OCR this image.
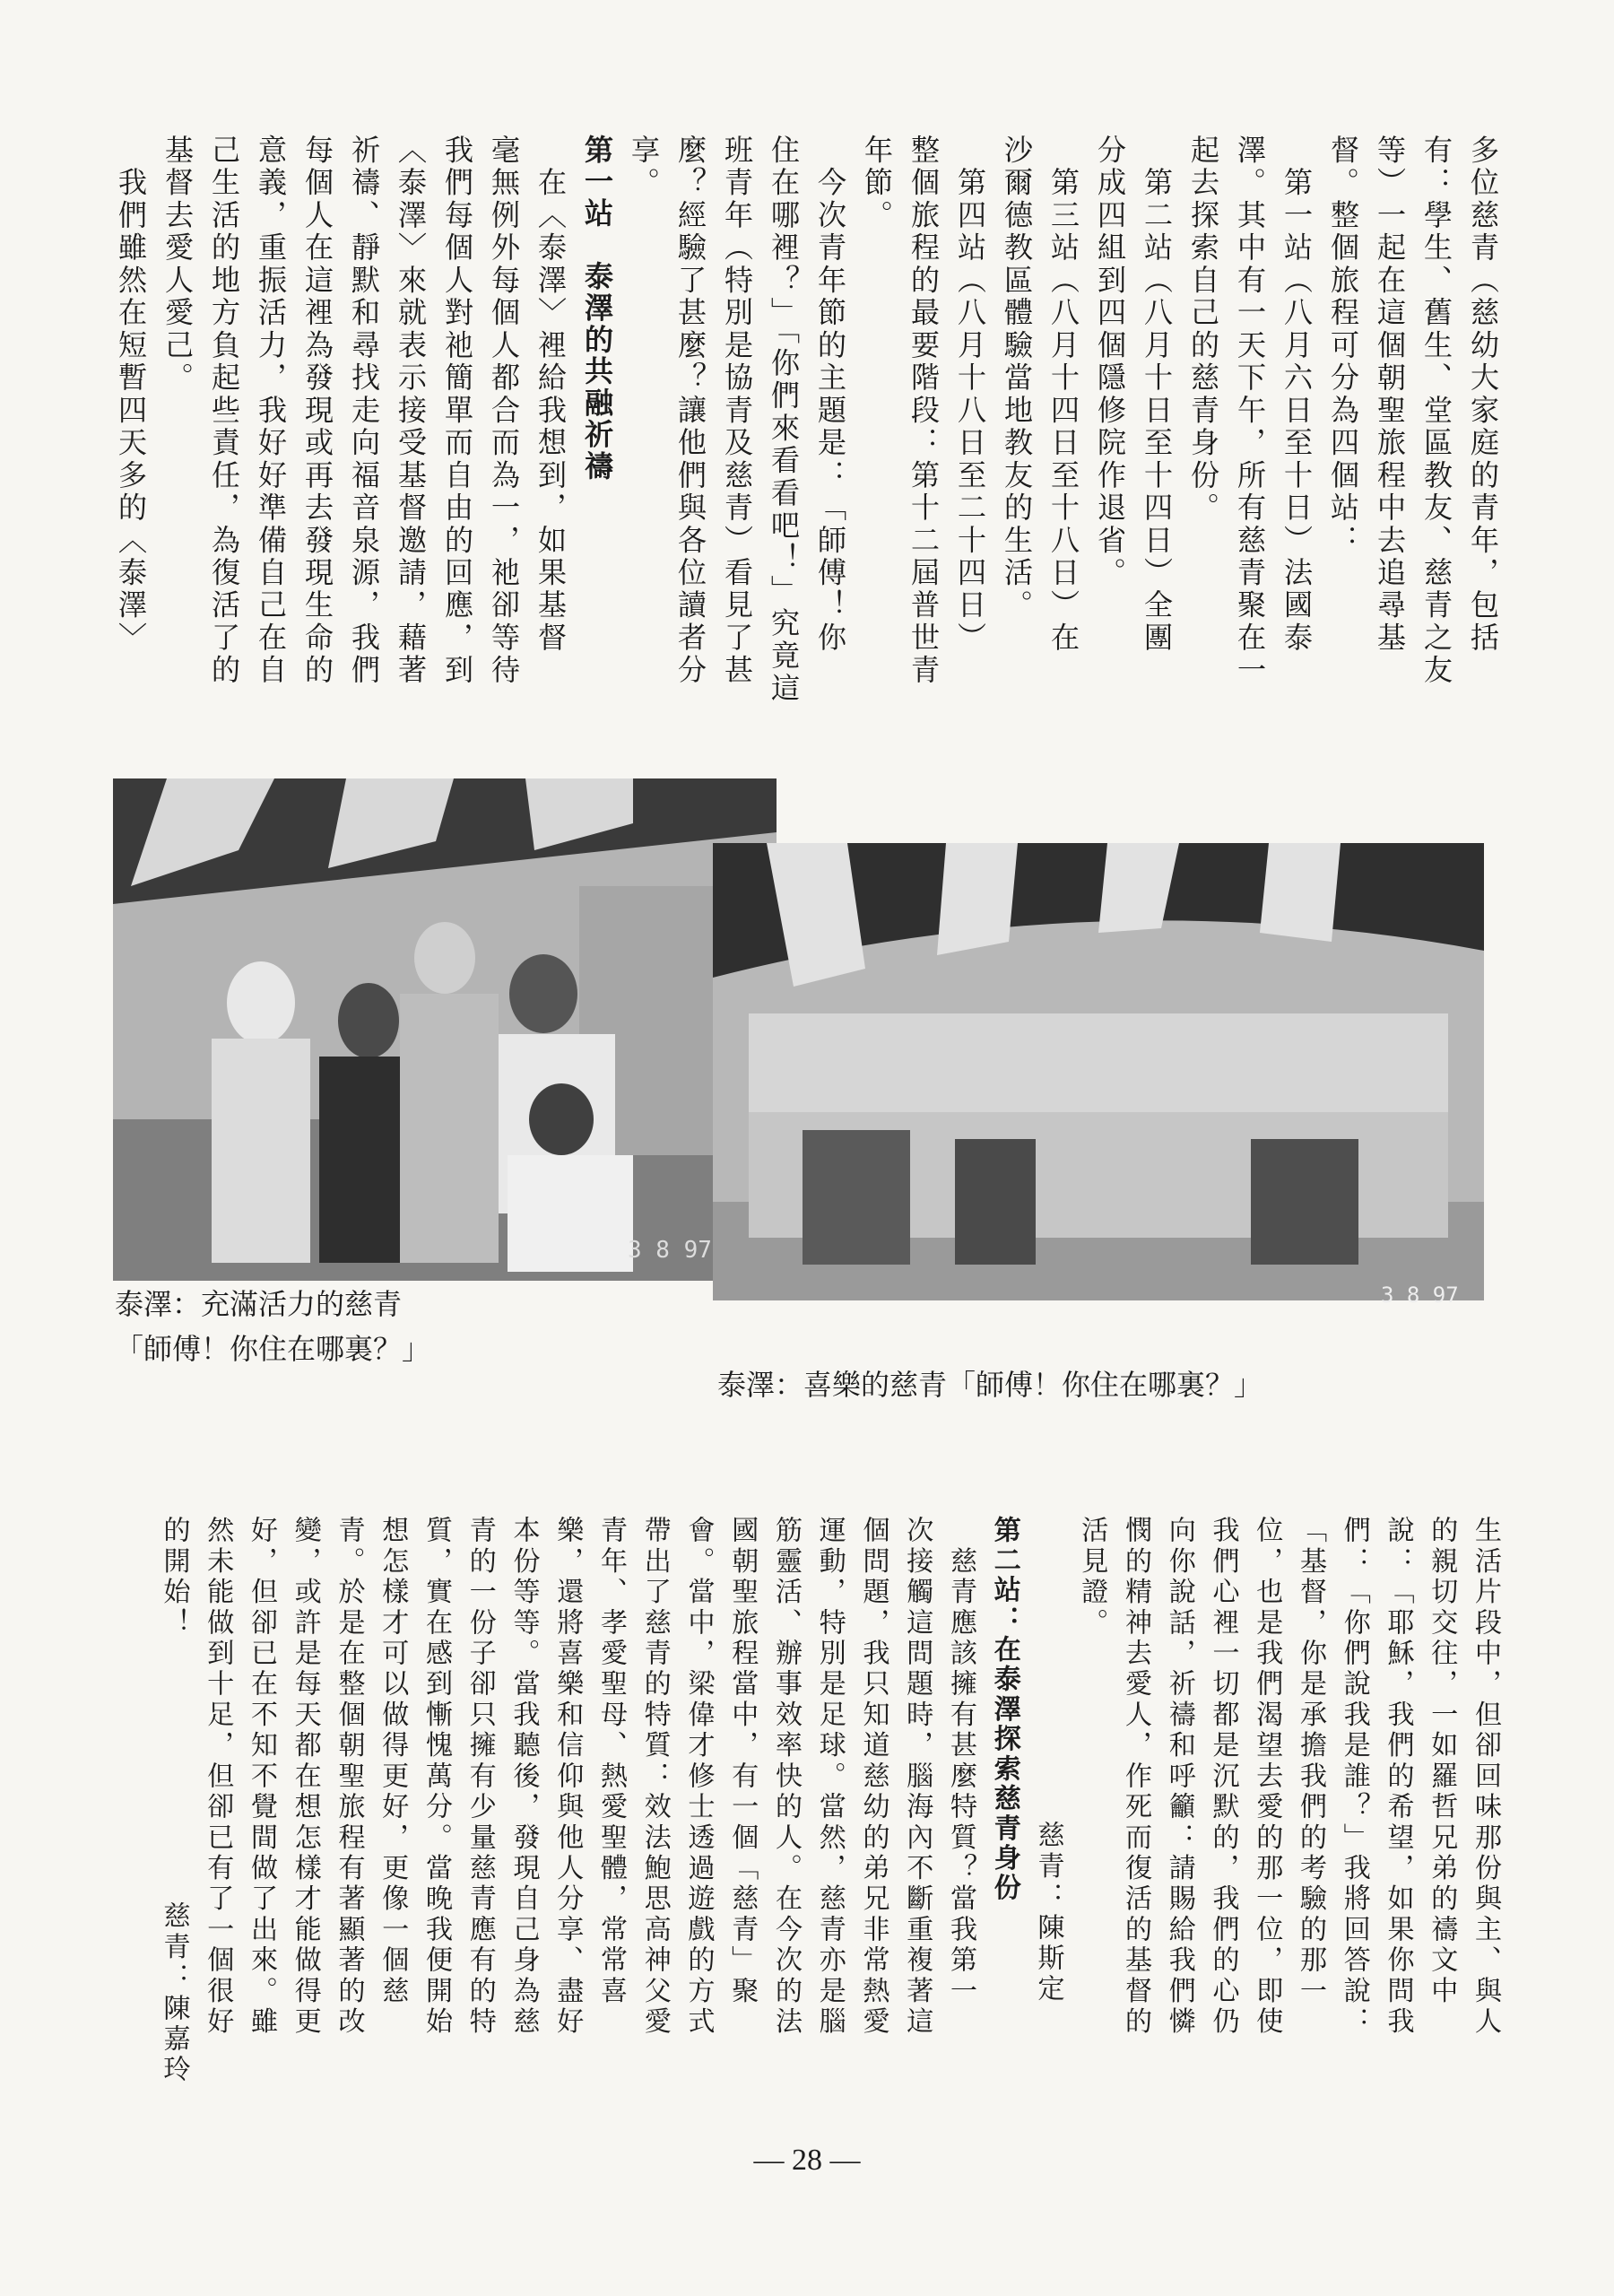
多位慈青（慈幼大家庭的青年，包括
有：學生、舊生、堂區教友、慈青之友
等）一起在這個朝聖旅程中去追尋基
督。整個旅程可分為四個站：
　第一站（八月六日至十日）法國泰
澤。其中有一天下午，所有慈青聚在一
起去探索自己的慈青身份。
　第二站（八月十日至十四日）全團
分成四組到四個隱修院作退省。
　第三站（八月十四日至十八日）在
沙爾德教區體驗當地教友的生活。
　第四站（八月十八日至二十四日）
整個旅程的最要階段：第十二屆普世青
年節。
　今次青年節的主題是：「師傅！你
住在哪裡？」「你們來看看吧！」究竟這
班青年（特別是協青及慈青）看見了甚
麼？經驗了甚麼？讓他們與各位讀者分
享。
第一站　泰澤的共融祈禱
　在〈泰澤〉裡給我想到，如果基督
3 8 97
3 8 97
泰澤：充滿活力的慈青
「師傅！你住在哪裏？」
泰澤：喜樂的慈青「師傅！你住在哪裏？」
生活片段中，但卻回味那份與主、與人
的親切交往，一如羅哲兄弟的禱文中
說：「耶穌，我們的希望，如果你問我
們：「你們說我是誰？」我將回答說：
「基督，你是承擔我們的考驗的那一
位，也是我們渴望去愛的那一位，即使
我們心裡一切都是沉默的，我們的心仍
向你說話，祈禱和呼籲：請賜給我們憐
憫的精神去愛人，作死而復活的基督的
活見證。
慈青：陳斯定
第二站：在泰澤探索慈青身份
— 28 —
毫無例外每個人都合而為一，祂卻等待
我們每個人對祂簡單而自由的回應，到
〈泰澤〉來就表示接受基督邀請，藉著
祈禱、靜默和尋找走向福音泉源，我們
每個人在這裡為發現或再去發現生命的
意義，重振活力，我好好準備自己在自
己生活的地方負起些責任，為復活了的
基督去愛人愛己。
　我們雖然在短暫四天多的〈泰澤〉
　慈青應該擁有甚麼特質？當我第一
次接觸這問題時，腦海內不斷重複著這
個問題，我只知道慈幼的弟兄非常熱愛
運動，特別是足球。當然，慈青亦是腦
筋靈活、辦事效率快的人。在今次的法
國朝聖旅程當中，有一個「慈青」聚
會。當中，梁偉才修士透過遊戲的方式
帶出了慈青的特質：效法鮑思高神父愛
青年、孝愛聖母、熱愛聖體，常常喜
樂，還將喜樂和信仰與他人分享、盡好
本份等等。當我聽後，發現自己身為慈
青的一份子卻只擁有少量慈青應有的特
質，實在感到慚愧萬分。當晚我便開始
想怎樣才可以做得更好，更像一個慈
青。於是在整個朝聖旅程有著顯著的改
變，或許是每天都在想怎樣才能做得更
好，但卻已在不知不覺間做了出來。雖
然未能做到十足，但卻已有了一個很好
的開始！
慈青：陳嘉玲
